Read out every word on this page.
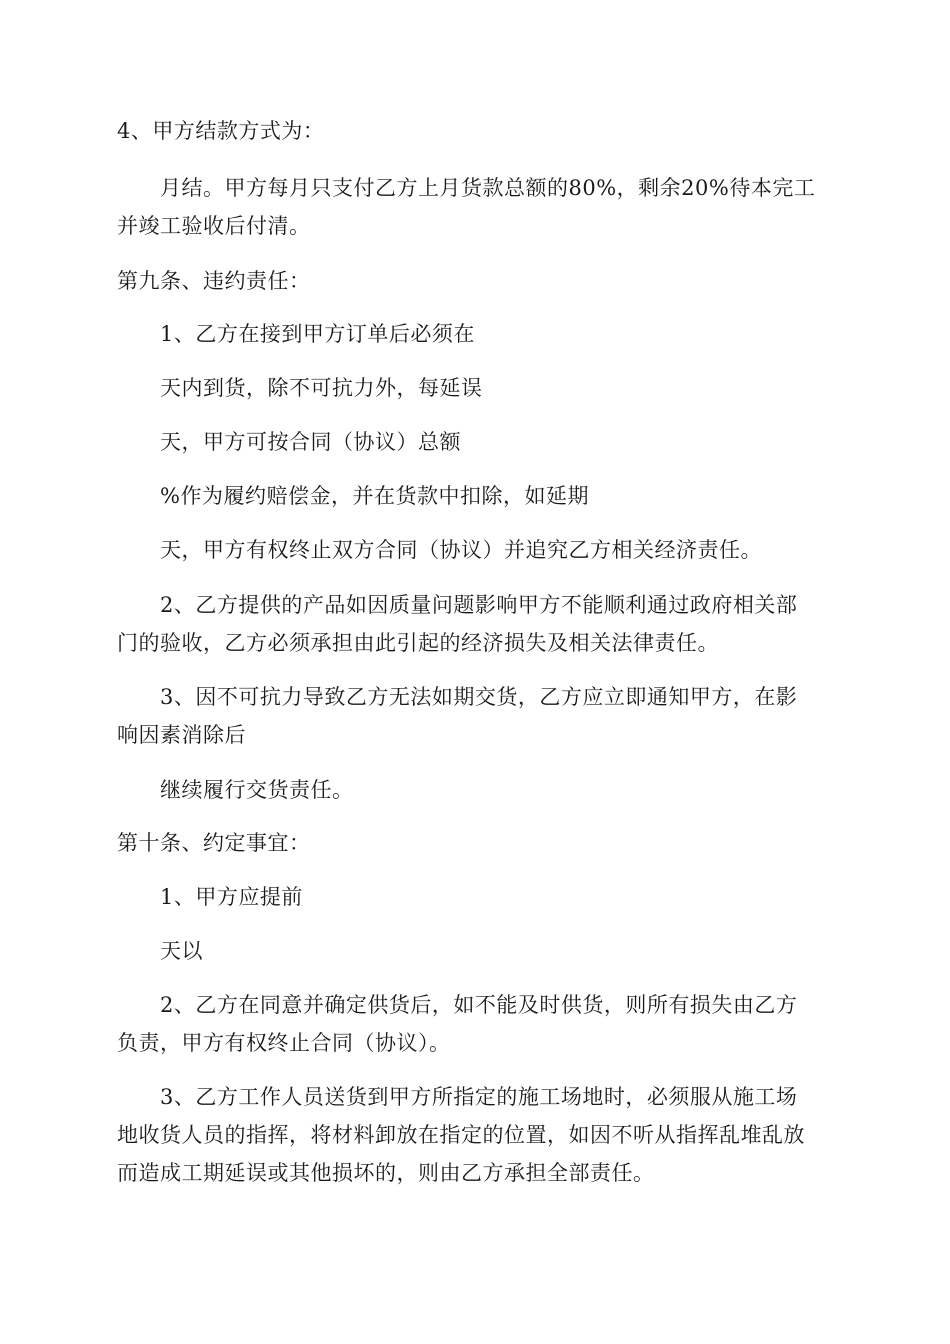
4、甲方结款方式为：
月结。甲方每月只支付乙方上月货款总额的80%，剩余20%待本完工
并竣工验收后付清。
第九条、违约责任：
1、乙方在接到甲方订单后必须在
天内到货，除不可抗力外，每延误
天，甲方可按合同（协议）总额
%作为履约赔偿金，并在货款中扣除，如延期
天，甲方有权终止双方合同（协议）并追究乙方相关经济责任。
2、乙方提供的产品如因质量问题影响甲方不能顺利通过政府相关部
门的验收，乙方必须承担由此引起的经济损失及相关法律责任。
3、因不可抗力导致乙方无法如期交货，乙方应立即通知甲方，在影
响因素消除后
继续履行交货责任。
第十条、约定事宜：
1、甲方应提前
天以
2、乙方在同意并确定供货后，如不能及时供货，则所有损失由乙方
负责，甲方有权终止合同（协议）。
3、乙方工作人员送货到甲方所指定的施工场地时，必须服从施工场
地收货人员的指挥，将材料卸放在指定的位置，如因不听从指挥乱堆乱放
而造成工期延误或其他损坏的，则由乙方承担全部责任。
